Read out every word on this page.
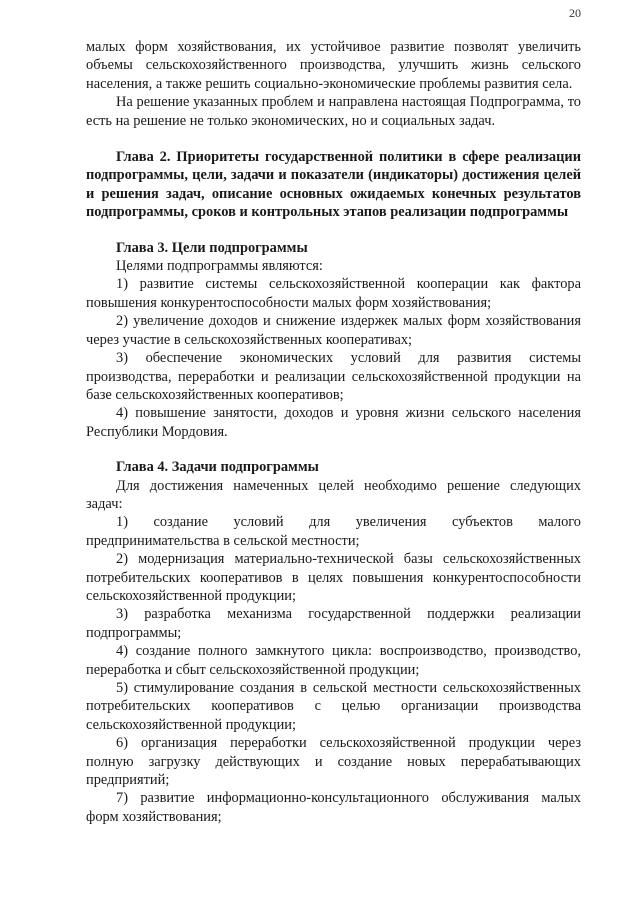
20

малых форм хозяйствования, их устойчивое развитие позволят увеличить объемы сельскохозяйственного производства, улучшить жизнь сельского населения, а также решить социально-экономические проблемы развития села.

На решение указанных проблем и направлена настоящая Подпрограмма, то есть на решение не только экономических, но и социальных задач.

Глава 2. Приоритеты государственной политики в сфере реализации подпрограммы, цели, задачи и показатели (индикаторы) достижения целей и решения задач, описание основных ожидаемых конечных результатов подпрограммы, сроков и контрольных этапов реализации подпрограммы

Глава 3. Цели подпрограммы

Целями подпрограммы являются:

1) развитие системы сельскохозяйственной кооперации как фактора повышения конкурентоспособности малых форм хозяйствования;

2) увеличение доходов и снижение издержек малых форм хозяйствования через участие в сельскохозяйственных кооперативах;

3) обеспечение экономических условий для развития системы производства, переработки и реализации сельскохозяйственной продукции на базе сельскохозяйственных кооперативов;

4) повышение занятости, доходов и уровня жизни сельского населения Республики Мордовия.

Глава 4. Задачи подпрограммы

Для достижения намеченных целей необходимо решение следующих задач:

1) создание условий для увеличения субъектов малого предпринимательства в сельской местности;

2) модернизация материально-технической базы сельскохозяйственных потребительских кооперативов в целях повышения конкурентоспособности сельскохозяйственной продукции;

3) разработка механизма государственной поддержки реализации подпрограммы;

4) создание полного замкнутого цикла: воспроизводство, производство, переработка и сбыт сельскохозяйственной продукции;

5) стимулирование создания в сельской местности сельскохозяйственных потребительских кооперативов с целью организации производства сельскохозяйственной продукции;

6) организация переработки сельскохозяйственной продукции через полную загрузку действующих и создание новых перерабатывающих предприятий;

7) развитие информационно-консультационного обслуживания малых форм хозяйствования;
